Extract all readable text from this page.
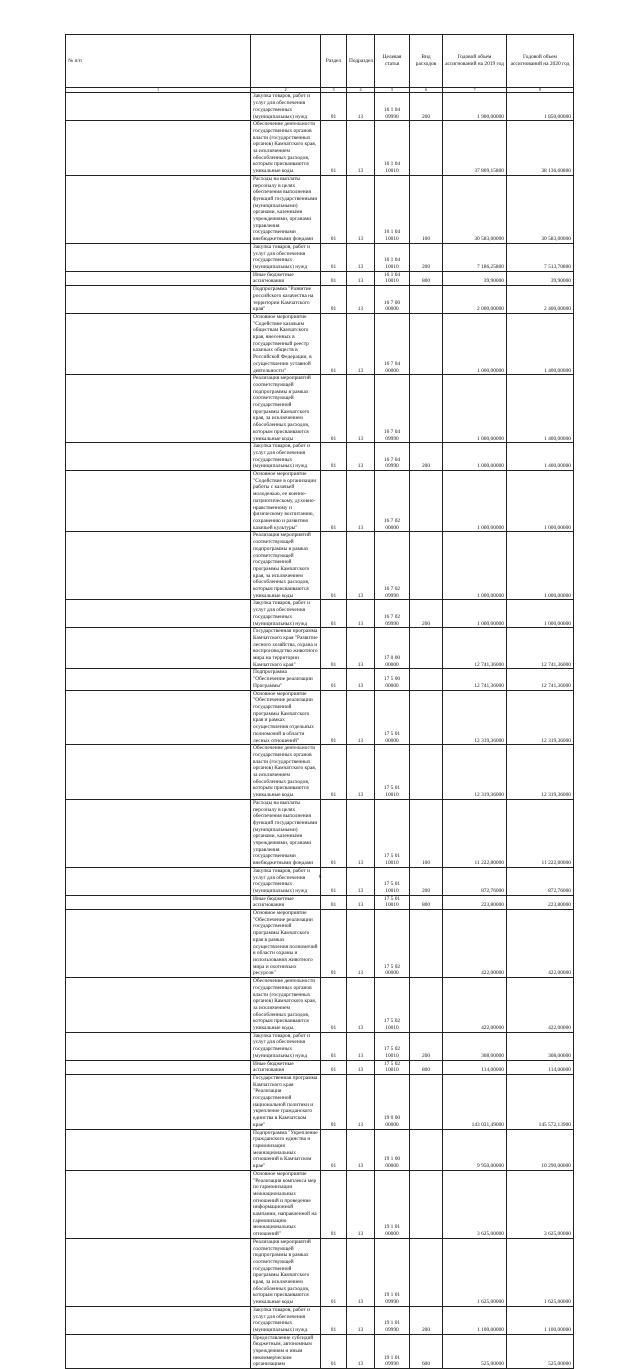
№ п/п		Раздел	Подраздел	Целевая статья	Вид расходов	Годовой объем ассигнований на 2019 год	Годовой объем ассигнований на 2020 год
1	2	3	4	5	6	7	8
	Закупка товаров, работ и услуг для обеспечения государственных (муниципальных) нужд	01	13	16 1 04 09990	200	1 900,00000	1 850,00000
	Обеспечение деятельности государственных органов власти (государственных органов) Камчатского края, за исключением обособленных расходов, которым присваиваются уникальные коды.	01	13	16 1 04 10010		37 809,15800	38 136,60800
	Расходы на выплаты персоналу в целях обеспечения выполнения функций государственными (муниципальными) органами, казенными учреждениями, органами управления государственными внебюджетными фондами	01	13	16 1 04 10010	100	30 583,00000	30 583,00000
	Закупка товаров, работ и услуг для обеспечения государственных (муниципальных) нужд	01	13	16 1 04 10010	200	7 186,25800	7 513,70800
	Иные бюджетные ассигнования	01	13	16 1 04 10010	800	39,90000	39,90000
	Подпрограмма "Развитие российского казачества на территории Камчатского края"	01	13	16 7 00 00000		2 000,00000	2 400,00000
	Основное мероприятие "Содействие казачьим обществам Камчатского края, внесенных в государственный реестр казачьих обществ в Российской Федерации, в осуществлении уставной деятельности"	01	13	16 7 04 00000		1 000,00000	1 400,00000
	Реализация мероприятий соответствующей подпрограммы в рамках соответствующей государственной программы Камчатского края, за исключением обособленных расходов, которым присваиваются уникальные коды	01	13	16 7 04 09990		1 000,00000	1 400,00000
	Закупка товаров, работ и услуг для обеспечения государственных (муниципальных) нужд	01	13	16 7 04 09990	200	1 000,00000	1 400,00000
	Основное мероприятие "Содействие в организации работы с казачьей молодежью, ее военно-патриотическому, духовно-нравственному и физическому воспитанию, сохранению и развитию казачьей культуры"	01	13	16 7 02 00000		1 000,00000	1 000,00000
	Реализация мероприятий соответствующей подпрограммы в рамках соответствующей государственной программы Камчатского края, за исключением обособленных расходов, которым присваиваются уникальные коды	01	13	16 7 02 09990		1 000,00000	1 000,00000
	Закупка товаров, работ и услуг для обеспечения государственных (муниципальных) нужд	01	13	16 7 02 09990	200	1 000,00000	1 000,00000
	Государственная программа Камчатского края "Развитие лесного хозяйства, охрана и воспроизводство животного мира на территории Камчатского края"	01	13	17 0 00 00000		12 741,36000	12 741,36000
	Подпрограмма "Обеспечение реализации Программы"	01	13	17 5 00 00000		12 741,36000	12 741,36000
	Основное мероприятие "Обеспечение реализации государственной программы Камчатского края и рамках осуществления отдельных полномочий в области лесных отношений"	01	13	17 5 01 00000		12 319,36000	12 319,36000
	Обеспечение деятельности государственных органов власти (государственных органов) Камчатского края, за исключением обособленных расходов, которым присваиваются уникальные коды.	01	13	17 5 01 10010		12 319,36000	12 319,36000
	Расходы на выплаты персоналу в целях обеспечения выполнения функций государственными (муниципальными) органами, казенными учреждениями, органами управления государственными внебюджетными фондами	01	13	17 5 01 10010	100	11 222,80000	11 222,80000
	Закупка товаров, работ и услуг для обеспечения государственных (муниципальных) нужд	01	13	17 5 01 10010	200	872,76000	872,76000
	Иные бюджетные ассигнования	01	13	17 5 01 10010	800	223,80000	223,80000
	Основное мероприятие "Обеспечение реализации государственной программы Камчатского края в рамках осуществления полномочий в области охраны и использования животного мира и охотничьих ресурсов"	01	13	17 5 02 00000		422,00000	422,00000
	Обеспечение деятельности государственных органов власти (государственных органов) Камчатского края, за исключением обособленных расходов, которым присваиваются уникальные коды.	01	13	17 5 02 10010		422,00000	422,00000
	Закупка товаров, работ и услуг для обеспечения государственных (муниципальных) нужд	01	13	17 5 02 10010	200	308,00000	308,00000
	Иные бюджетные ассигнования	01	13	17 5 02 10010	800	114,00000	114,00000
	Государственная программа Камчатского края "Реализация государственной национальной политики и укрепление гражданского единства в Камчатском крае"	01	13	19 0 00 00000		143 031,49000	145 572,13900
	Подпрограмма "Укрепление гражданского единства и гармонизация межнациональных отношений в Камчатском крае"	01	13	19 1 00 00000		9 950,00000	10 290,00000
	Основное мероприятие "Реализация комплекса мер по гармонизации межнациональных отношений и проведение информационной кампании, направленной на гармонизацию межнациональных отношений"	01	13	19 1 01 00000		3 625,00000	3 625,00000
	Реализация мероприятий соответствующей подпрограммы в рамках соответствующей государственной программы Камчатского края, за исключением обособленных расходов, которым присваиваются уникальные коды	01	13	19 1 01 09990		1 625,00000	1 625,00000
	Закупка товаров, работ и услуг для обеспечения государственных (муниципальных) нужд	01	13	19 1 01 09990	200	1 100,00000	1 100,00000
	Предоставление субсидий бюджетным, автономным учреждениям и иным некоммерческим организациям	01	13	19 1 01 09990	600	525,00000	525,00000
6
